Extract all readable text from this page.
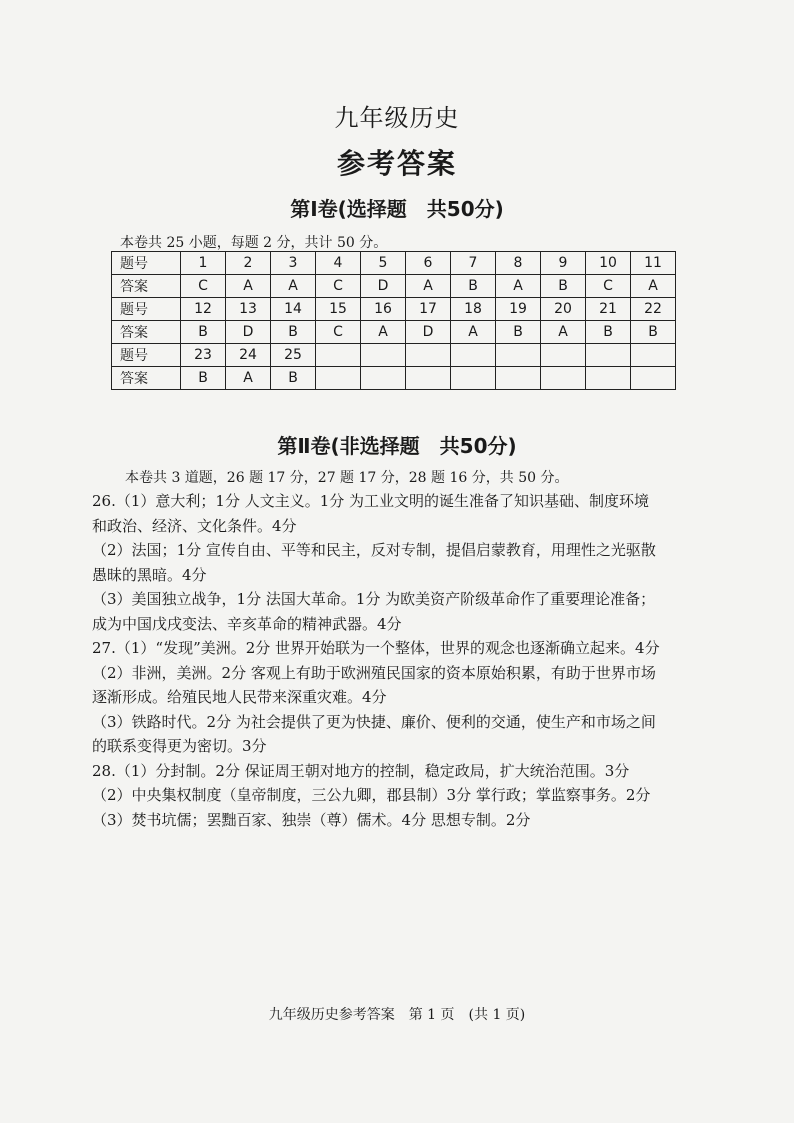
九年级历史
参考答案
第Ⅰ卷(选择题　共50分)
本卷共 25 小题，每题 2 分，共计 50 分。
题号	1	2	3	4	5	6	7	8	9	10	11
答案	C	A	A	C	D	A	B	A	B	C	A
题号	12	13	14	15	16	17	18	19	20	21	22
答案	B	D	B	C	A	D	A	B	A	B	B
题号	23	24	25								
答案	B	A	B								
第Ⅱ卷(非选择题　共50分)
本卷共 3 道题，26 题 17 分，27 题 17 分，28 题 16 分，共 50 分。
26.（1）意大利；1分 人文主义。1分 为工业文明的诞生准备了知识基础、制度环境
和政治、经济、文化条件。4分
（2）法国；1分 宣传自由、平等和民主，反对专制，提倡启蒙教育，用理性之光驱散
愚昧的黑暗。4分
（3）美国独立战争，1分 法国大革命。1分 为欧美资产阶级革命作了重要理论准备；
成为中国戊戌变法、辛亥革命的精神武器。4分
27.（1）“发现”美洲。2分 世界开始联为一个整体，世界的观念也逐渐确立起来。4分
（2）非洲，美洲。2分 客观上有助于欧洲殖民国家的资本原始积累，有助于世界市场
逐渐形成。给殖民地人民带来深重灾难。4分
（3）铁路时代。2分 为社会提供了更为快捷、廉价、便利的交通，使生产和市场之间
的联系变得更为密切。3分
28.（1）分封制。2分 保证周王朝对地方的控制，稳定政局，扩大统治范围。3分
（2）中央集权制度（皇帝制度，三公九卿，郡县制）3分 掌行政；掌监察事务。2分
（3）焚书坑儒；罢黜百家、独崇（尊）儒术。4分 思想专制。2分
九年级历史参考答案　第 1 页　(共 1 页)
